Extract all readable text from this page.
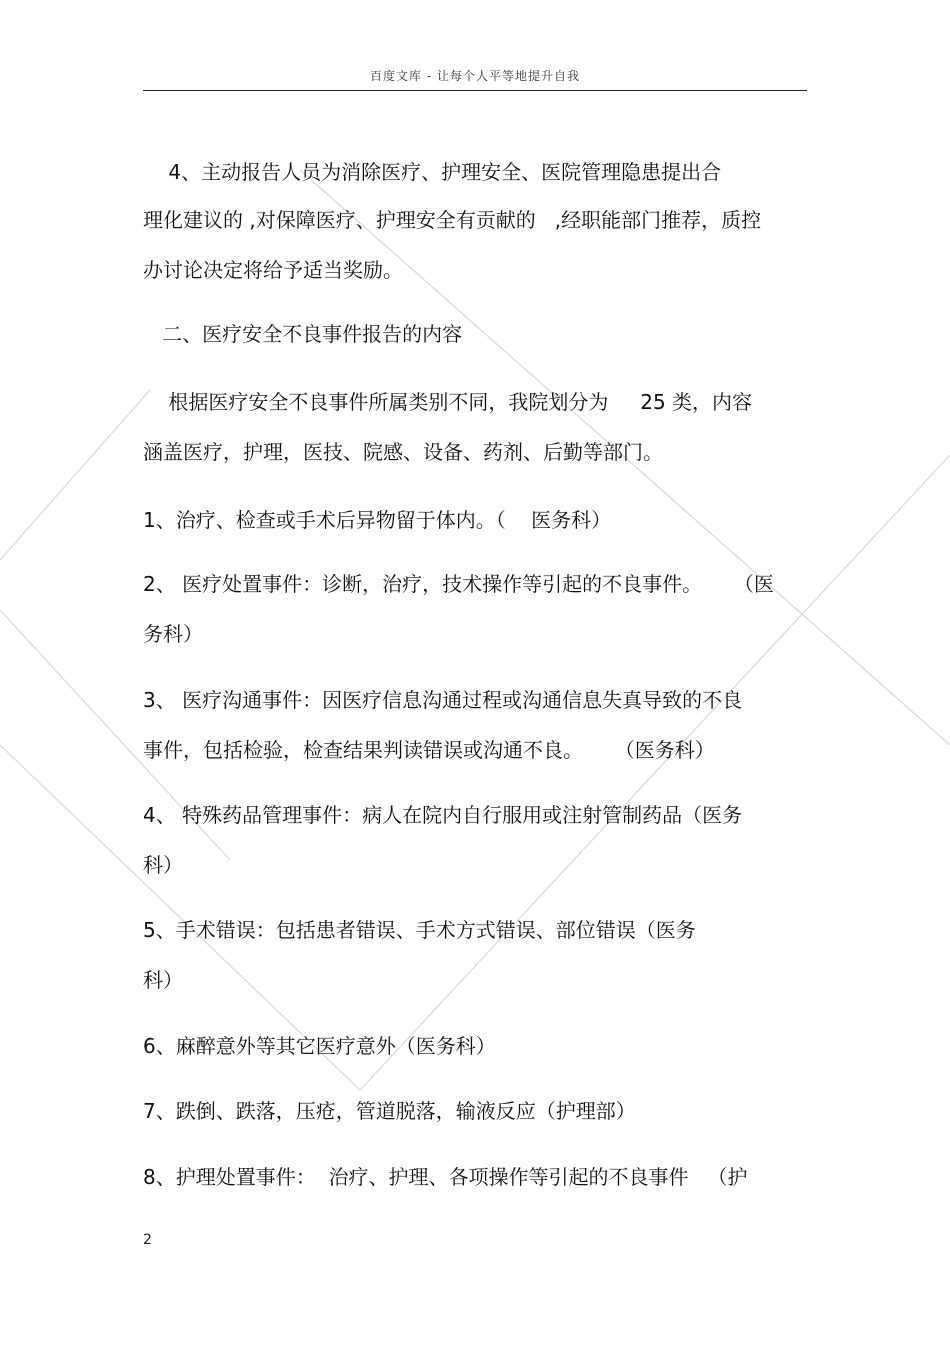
百度文库 - 让每个人平等地提升自我
4、主动报告人员为消除医疗、护理安全、医院管理隐患提出合
理化建议的 ,对保障医疗、护理安全有贡献的   ,经职能部门推荐，质控
办讨论决定将给予适当奖励。
二、医疗安全不良事件报告的内容
根据医疗安全不良事件所属类别不同，我院划分为     25 类，内容
涵盖医疗，护理，医技、院感、设备、药剂、后勤等部门。
1、治疗、检查或手术后异物留于体内。（    医务科）
2、 医疗处置事件：诊断，治疗，技术操作等引起的不良事件。     （医
务科）
3、 医疗沟通事件：因医疗信息沟通过程或沟通信息失真导致的不良
事件，包括检验，检查结果判读错误或沟通不良。     （医务科）
4、 特殊药品管理事件：病人在院内自行服用或注射管制药品（医务
科）
5、手术错误：包括患者错误、手术方式错误、部位错误（医务
科）
6、麻醉意外等其它医疗意外（医务科）
7、跌倒、跌落，压疮，管道脱落，输液反应（护理部）
8、护理处置事件：  治疗、护理、各项操作等引起的不良事件   （护
2
